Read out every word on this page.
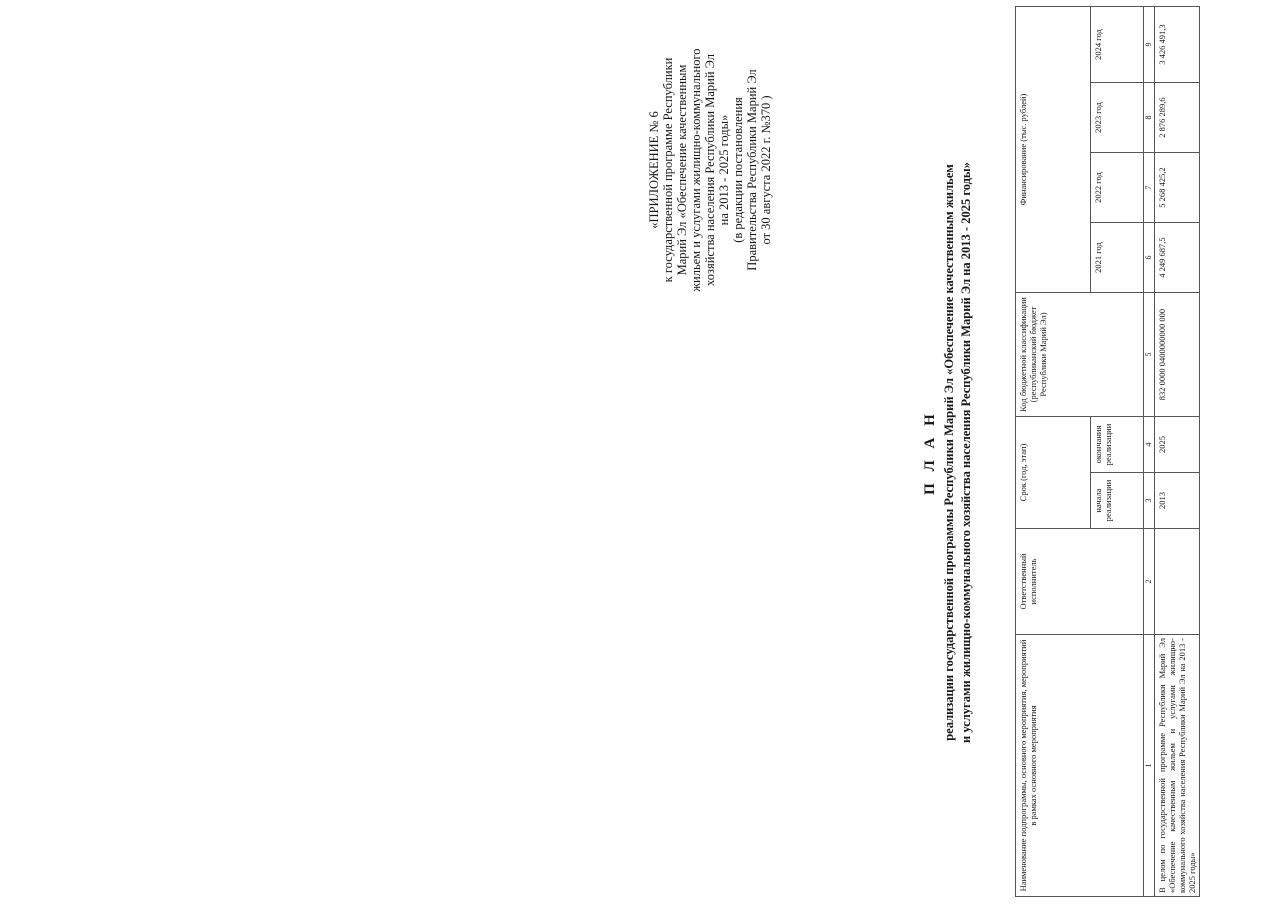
«ПРИЛОЖЕНИЕ № 6 к государственной программе Республики Марий Эл «Обеспечение качественным жильем и услугами жилищно-коммунального хозяйства населения Республики Марий Эл на 2013 - 2025 годы» (в редакции постановления Правительства Республики Марий Эл от 30 августа 2022 г. №370 )
П Л А Н реализации государственной программы Республики Марий Эл «Обеспечение качественным жильем и услугами жилищно-коммунального хозяйства населения Республики Марий Эл на 2013 - 2025 годы»
Наименование подпрограммы, основного мероприятия, мероприятий в рамках основного мероприятия	Ответственный исполнитель	Срок (год, этап)		Код бюджетной классификации (республиканский бюджет Республики Марий Эл)	Финансирование (тыс. рублей)			
		начала реализации	окончания реализации		2021 год	2022 год	2023 год	2024 год
1	2	3	4	5	6	7	8	9
В целом по государственной программе Республики Марий Эл «Обеспечение качественным жильем и услугами жилищно-коммунального хозяйства населения Республики Марий Эл на 2013 - 2025 годы»		2013	2025	832 0000 0400000000 000	4 249 687,5	5 268 425,2	2 876 289,6	3 426 491,3
